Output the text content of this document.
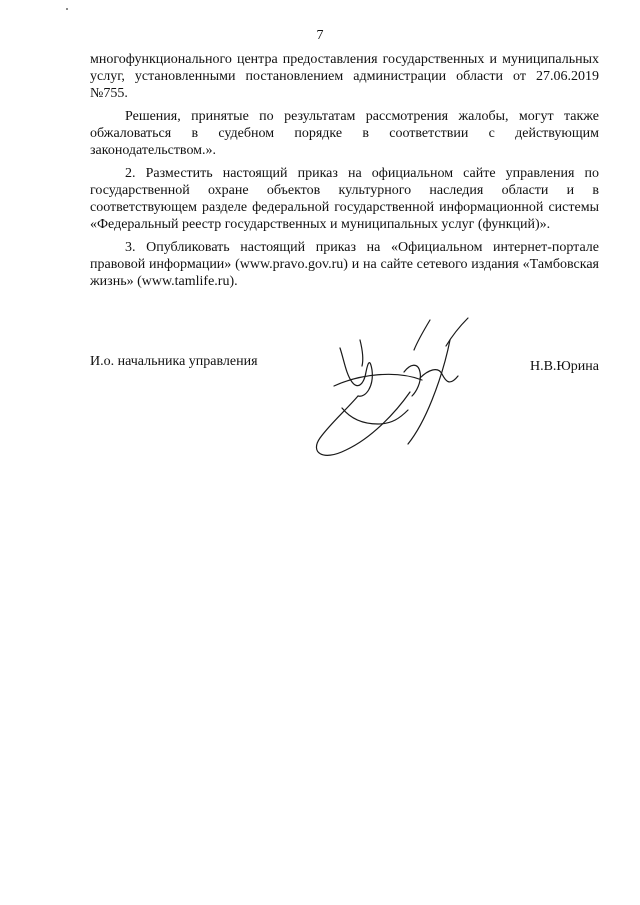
7

многофункционального центра предоставления государственных и муниципальных услуг, установленными постановлением администрации области от 27.06.2019 №755.

Решения, принятые по результатам рассмотрения жалобы, могут также обжаловаться в судебном порядке в соответствии с действующим законодательством.».

2. Разместить настоящий приказ на официальном сайте управления по государственной охране объектов культурного наследия области и в соответствующем разделе федеральной государственной информационной системы «Федеральный реестр государственных и муниципальных услуг (функций)».

3. Опубликовать настоящий приказ на «Официальном интернет-портале правовой информации» (www.pravo.gov.ru) и на сайте сетевого издания «Тамбовская жизнь» (www.tamlife.ru).

И.о. начальника управления	Н.В.Юрина
